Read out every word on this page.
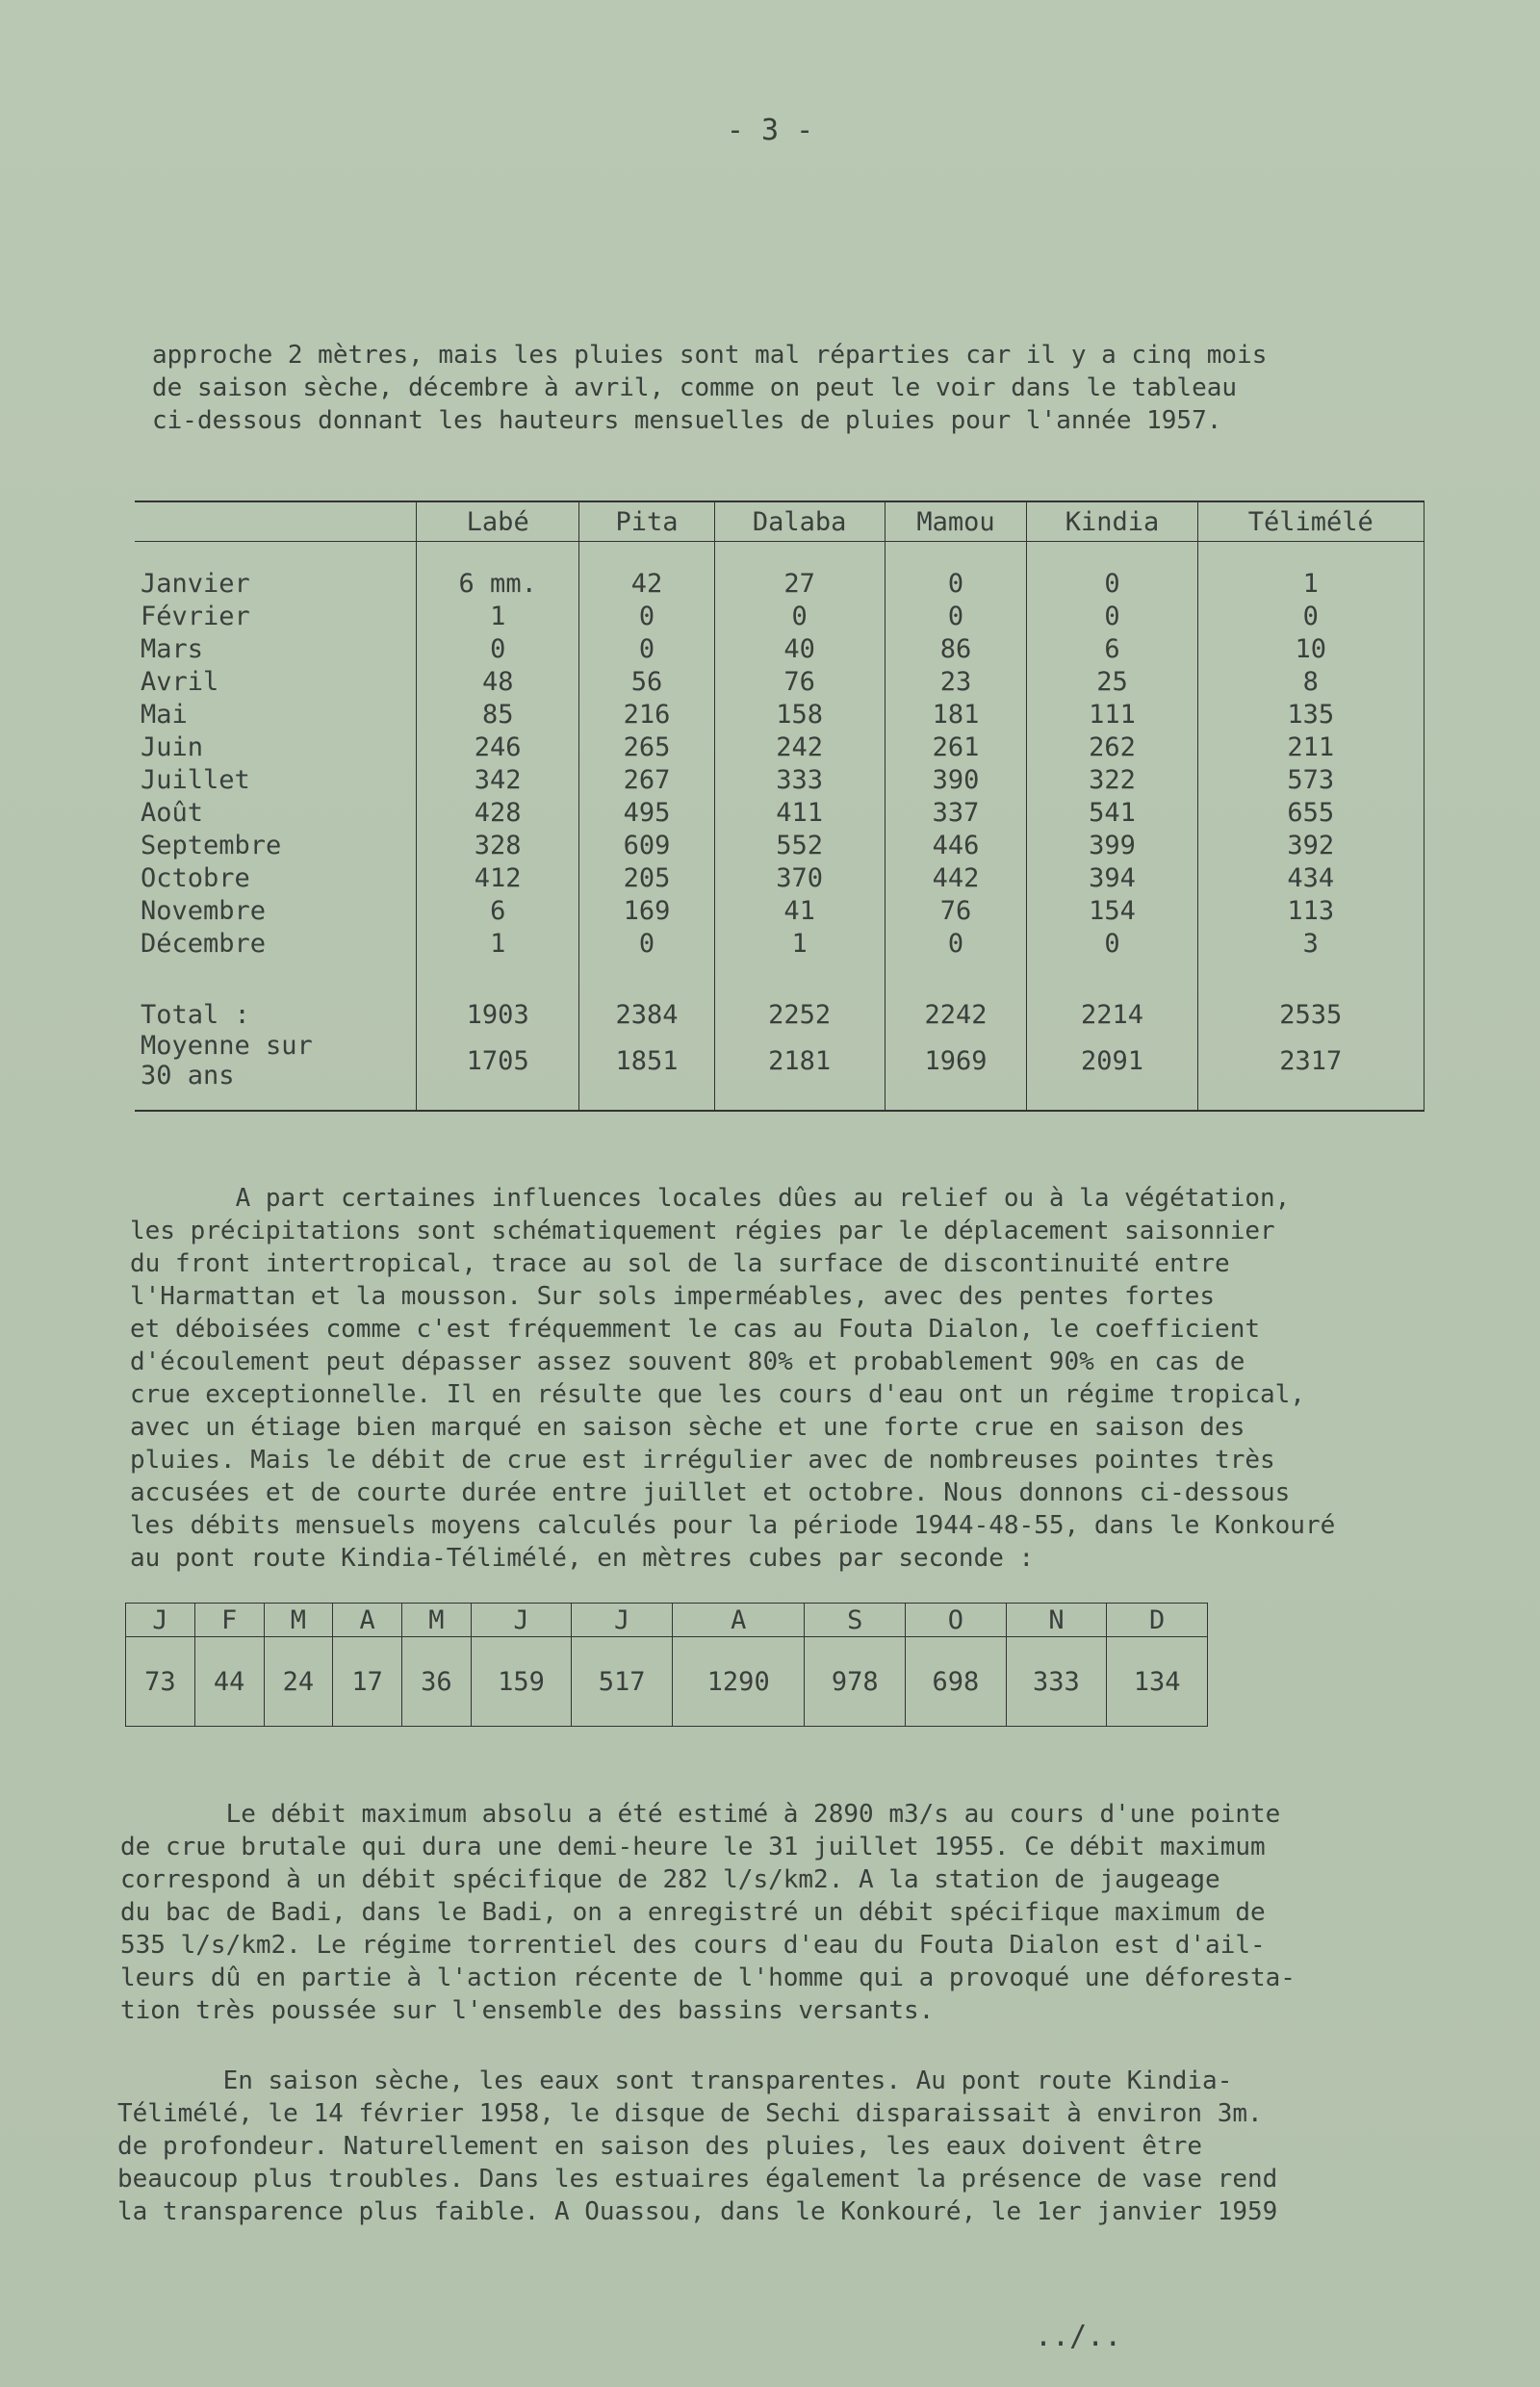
- 3 -
approche 2 mètres, mais les pluies sont mal réparties car il y a cinq mois
de saison sèche, décembre à avril, comme on peut le voir dans le tableau
ci-dessous donnant les hauteurs mensuelles de pluies pour l'année 1957.
	Labé	Pita	Dalaba	Mamou	Kindia	Télimélé
Janvier	6 mm.	42	27	0	0	1
Février	1	0	0	0	0	0
Mars	0	0	40	86	6	10
Avril	48	56	76	23	25	8
Mai	85	216	158	181	111	135
Juin	246	265	242	261	262	211
Juillet	342	267	333	390	322	573
Août	428	495	411	337	541	655
Septembre	328	609	552	446	399	392
Octobre	412	205	370	442	394	434
Novembre	6	169	41	76	154	113
Décembre	1	0	1	0	0	3
Total :	1903	2384	2252	2242	2214	2535
Moyenne sur
30 ans	1705	1851	2181	1969	2091	2317
A part certaines influences locales dûes au relief ou à la végétation,
les précipitations sont schématiquement régies par le déplacement saisonnier
du front intertropical, trace au sol de la surface de discontinuité entre
l'Harmattan et la mousson. Sur sols imperméables, avec des pentes fortes
et déboisées comme c'est fréquemment le cas au Fouta Dialon, le coefficient
d'écoulement peut dépasser assez souvent 80% et probablement 90% en cas de
crue exceptionnelle. Il en résulte que les cours d'eau ont un régime tropical,
avec un étiage bien marqué en saison sèche et une forte crue en saison des
pluies. Mais le débit de crue est irrégulier avec de nombreuses pointes très
accusées et de courte durée entre juillet et octobre. Nous donnons ci-dessous
les débits mensuels moyens calculés pour la période 1944-48-55, dans le Konkouré
au pont route Kindia-Télimélé, en mètres cubes par seconde :
J	F	M	A	M	J	J	A	S	O	N	D
73	44	24	17	36	159	517	1290	978	698	333	134
Le débit maximum absolu a été estimé à 2890 m3/s au cours d'une pointe
de crue brutale qui dura une demi-heure le 31 juillet 1955. Ce débit maximum
correspond à un débit spécifique de 282 l/s/km2. A la station de jaugeage
du bac de Badi, dans le Badi, on a enregistré un débit spécifique maximum de
535 l/s/km2. Le régime torrentiel des cours d'eau du Fouta Dialon est d'ail-
leurs dû en partie à l'action récente de l'homme qui a provoqué une déforesta-
tion très poussée sur l'ensemble des bassins versants.
En saison sèche, les eaux sont transparentes. Au pont route Kindia-
Télimélé, le 14 février 1958, le disque de Sechi disparaissait à environ 3m.
de profondeur. Naturellement en saison des pluies, les eaux doivent être
beaucoup plus troubles. Dans les estuaires également la présence de vase rend
la transparence plus faible. A Ouassou, dans le Konkouré, le 1er janvier 1959
../..
